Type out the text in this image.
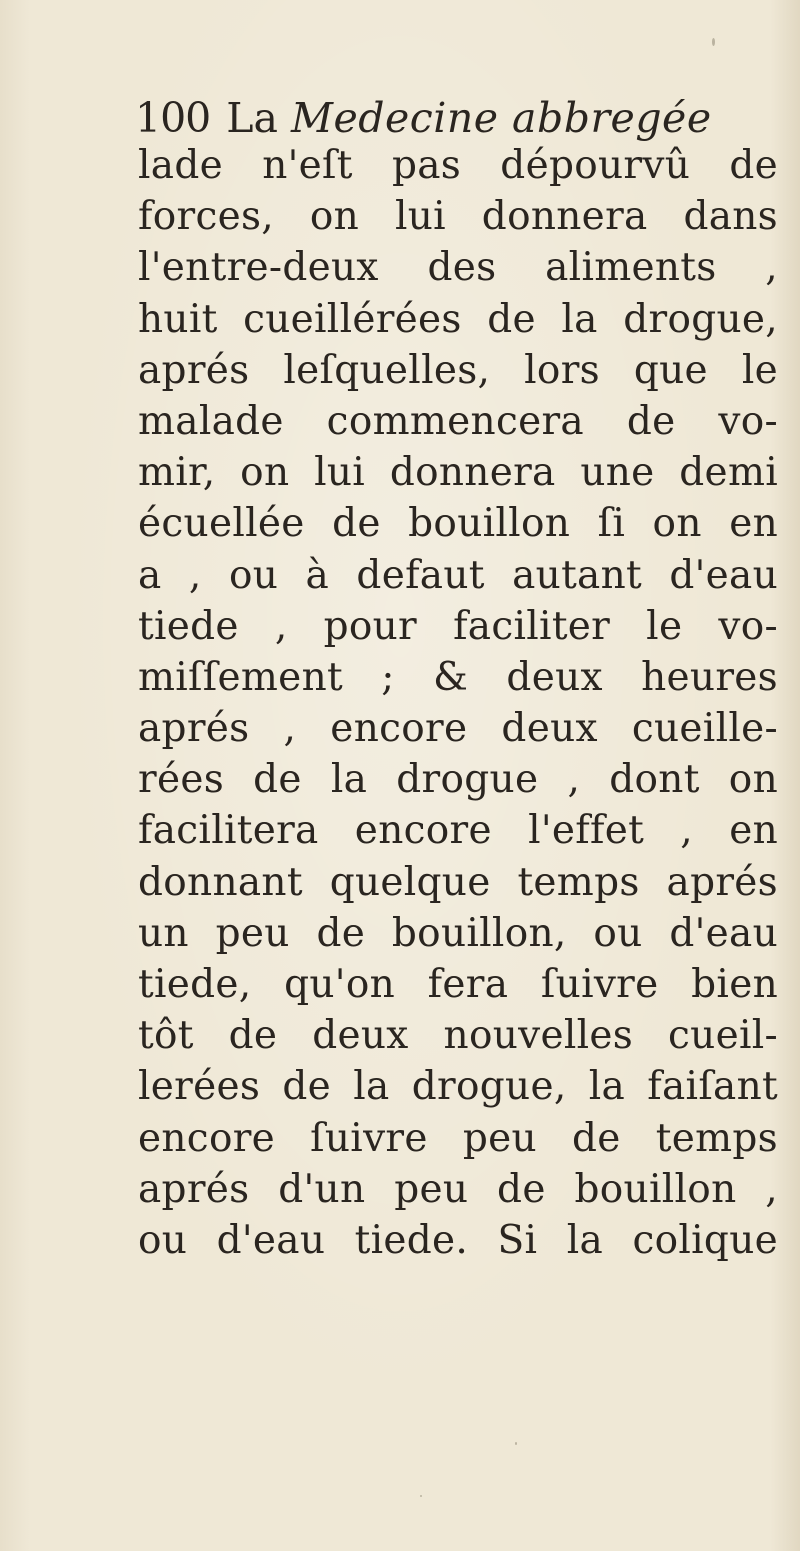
100 La Medecine abbregée
lade n'eſt pas dépourvû de
forces, on lui donnera dans
l'entre-deux des aliments ,
huit cueillérées de la drogue,
aprés leſquelles, lors que le
malade commencera de vo-
mir, on lui donnera une demi
écuellée de bouillon ſi on en
a , ou à defaut autant d'eau
tiede , pour faciliter le vo-
miſſement ; & deux heures
aprés , encore deux cueille-
rées de la drogue , dont on
facilitera encore l'effet , en
donnant quelque temps aprés
un peu de bouillon, ou d'eau
tiede, qu'on fera ſuivre bien
tôt de deux nouvelles cueil-
lerées de la drogue, la faiſant
encore ſuivre peu de temps
aprés d'un peu de bouillon ,
ou d'eau tiede. Si la colique
